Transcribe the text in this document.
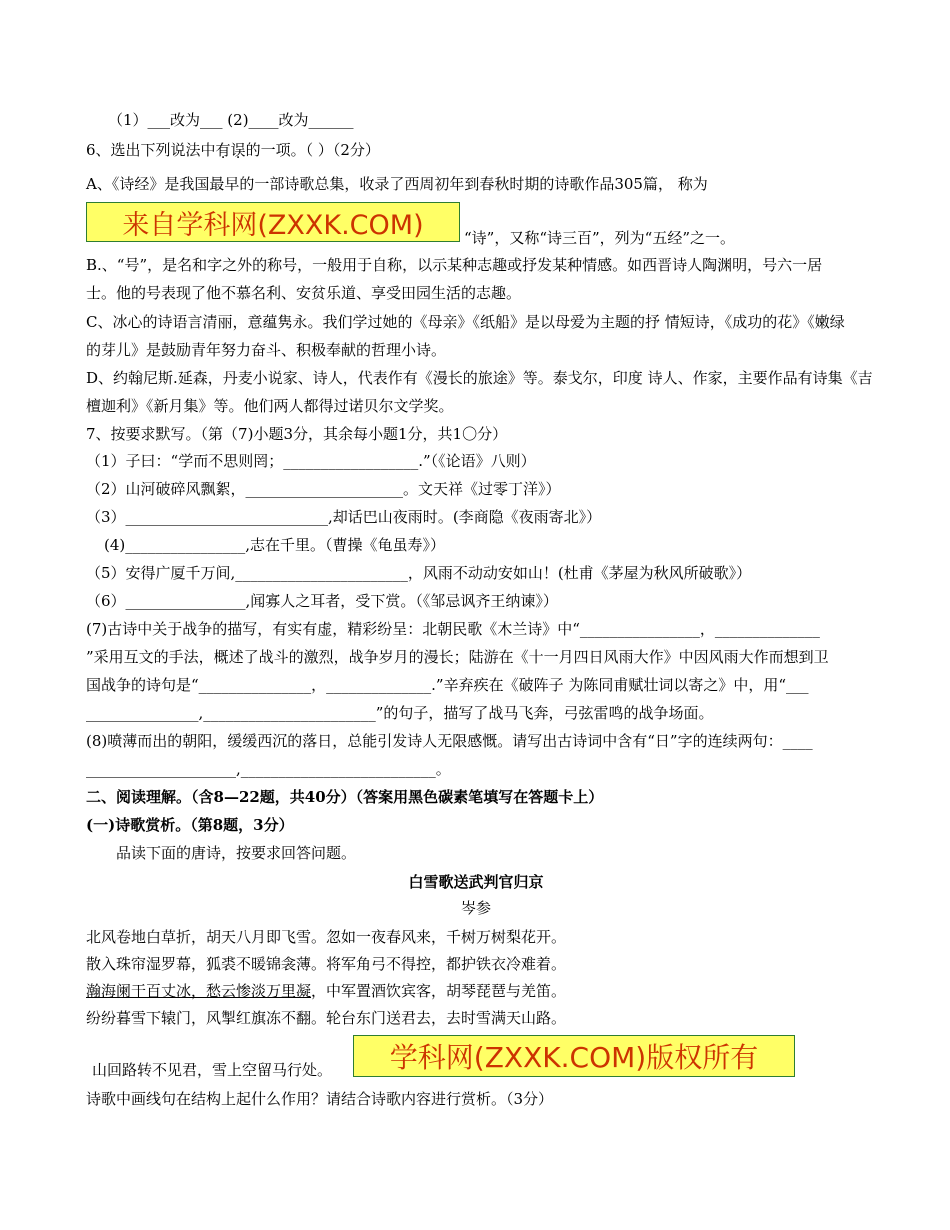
（1）___改为___ (2)____改为______
6、选出下列说法中有误的一项。（ ）（2分）
A、《诗经》是我国最早的一部诗歌总集，收录了西周初年到春秋时期的诗歌作品305篇， 称为
来自学科网(ZXXK.COM)	“诗”，又称“诗三百”，列为“五经”之一。
B.、“号”，是名和字之外的称号，一般用于自称，以示某种志趣或抒发某种情感。如西晋诗人陶渊明，号六一居
士。他的号表现了他不慕名利、安贫乐道、享受田园生活的志趣。
C、冰心的诗语言清丽，意蕴隽永。我们学过她的《母亲》《纸船》是以母爱为主题的抒 情短诗，《成功的花》《嫩绿
的芽儿》是鼓励青年努力奋斗、积极奉献的哲理小诗。
D、约翰尼斯.延森，丹麦小说家、诗人，代表作有《漫长的旅途》等。泰戈尔，印度 诗人、作家，主要作品有诗集《吉
檀迦利》《新月集》等。他们两人都得过诺贝尔文学奖。
7、按要求默写。（第（7)小题3分，其余每小题1分，共1〇分）
（1）子曰：“学而不思则罔；__________________.”（《论语》八则）
（2）山河破碎风飘絮，_____________________。文天祥《过零丁洋》）
（3）___________________________,却话巴山夜雨时。(李商隐《夜雨寄北》）
(4)________________,志在千里。（曹操《龟虽寿》）
（5）安得广厦千万间,_______________________，风雨不动动安如山！(杜甫《茅屋为秋风所破歌》）
（6）________________,闻寡人之耳者，受下赏。（《邹忌讽齐王纳谏》）
(7)古诗中关于战争的描写，有实有虚，精彩纷呈：北朝民歌《木兰诗》中“________________，______________
”采用互文的手法，概述了战斗的激烈，战争岁月的漫长；陆游在《十一月四日风雨大作》中因风雨大作而想到卫
国战争的诗句是“_______________，______________.”辛弃疾在《破阵子 为陈同甫赋壮词以寄之》中，用“___
_______________,_______________________”的句子，描写了战马飞奔，弓弦雷鸣的战争场面。
(8)喷薄而出的朝阳，缓缓西沉的落日，总能引发诗人无限感慨。请写出古诗词中含有“日”字的连续两句：____
____________________,__________________________。
二、阅读理解。（含8—22题，共40分）（答案用黑色碳素笔填写在答题卡上）
(一)诗歌赏析。（第8题，3分）
品读下面的唐诗，按要求回答问题。
白雪歌送武判官归京
岑参
北风卷地白草折，胡天八月即飞雪。忽如一夜春风来，千树万树梨花开。
散入珠帘湿罗幕，狐裘不暖锦衾薄。将军角弓不得控，都护铁衣冷难着。
瀚海阑干百丈冰，愁云惨淡万里凝，中军置酒饮宾客，胡琴琵琶与羌笛。
纷纷暮雪下辕门，风掣红旗冻不翻。轮台东门送君去，去时雪满天山路。
山回路转不见君，雪上空留马行处。	学科网(ZXXK.COM)版权所有
诗歌中画线句在结构上起什么作用？请结合诗歌内容进行赏析。（3分）
